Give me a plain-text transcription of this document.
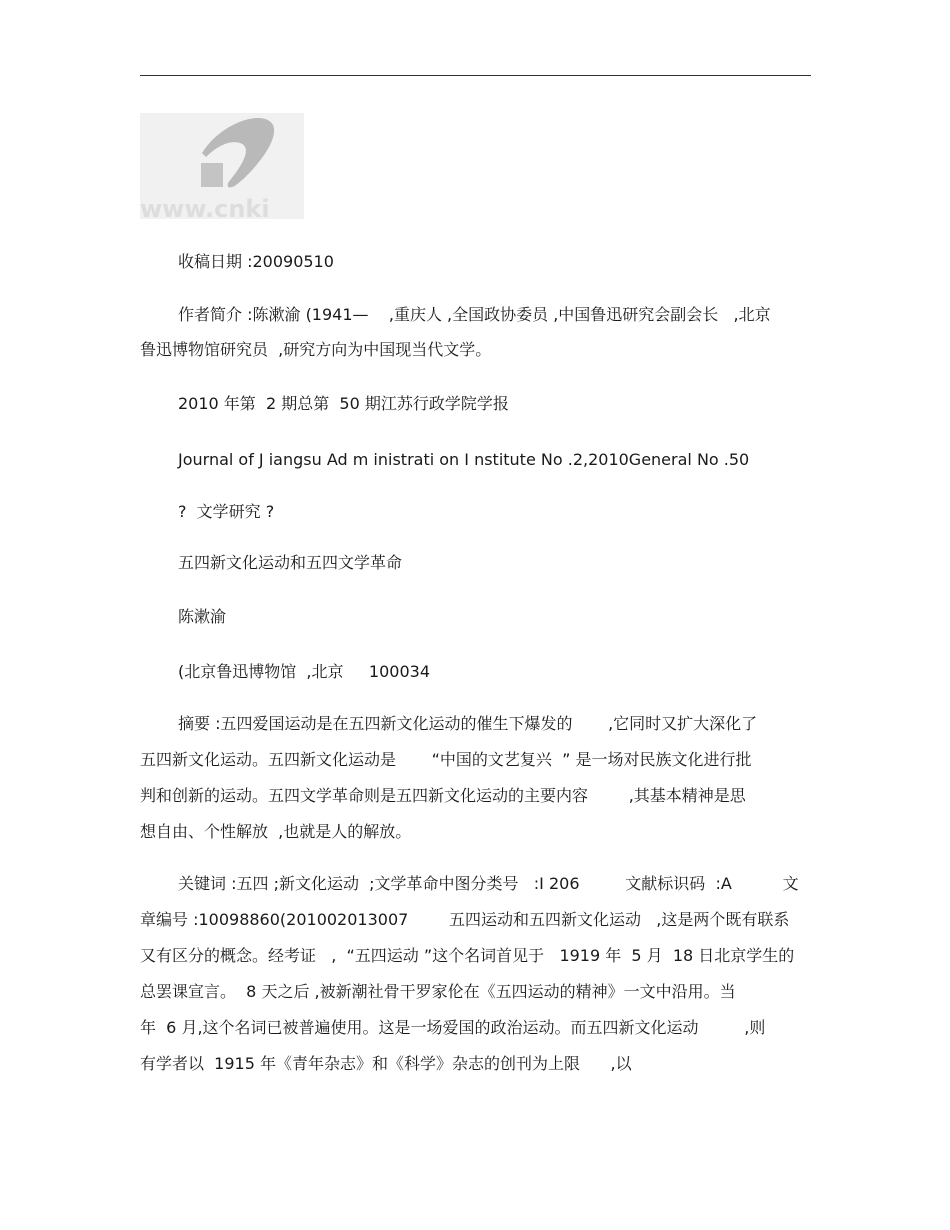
www.cnki
收稿日期 :20090510
作者简介 :陈漱渝 (1941—    ,重庆人 ,全国政协委员 ,中国鲁迅研究会副会长   ,北京
鲁迅博物馆研究员  ,研究方向为中国现当代文学。
2010 年第  2 期总第  50 期江苏行政学院学报
Journal of J iangsu Ad m inistrati on I nstitute No .2,2010General No .50
?  文学研究 ?
五四新文化运动和五四文学革命
陈漱渝
(北京鲁迅博物馆  ,北京     100034
摘要 :五四爱国运动是在五四新文化运动的催生下爆发的       ,它同时又扩大深化了
五四新文化运动。五四新文化运动是       “中国的文艺复兴  ” 是一场对民族文化进行批
判和创新的运动。五四文学革命则是五四新文化运动的主要内容        ,其基本精神是思
想自由、个性解放  ,也就是人的解放。
关键词 :五四 ;新文化运动  ;文学革命中图分类号   :I 206         文献标识码  :A          文
章编号 :10098860(201002013007        五四运动和五四新文化运动   ,这是两个既有联系
又有区分的概念。经考证   ,  “五四运动 ”这个名词首见于   1919 年  5 月  18 日北京学生的
总罢课宣言。  8 天之后 ,被新潮社骨干罗家伦在《五四运动的精神》一文中沿用。当
年  6 月,这个名词已被普遍使用。这是一场爱国的政治运动。而五四新文化运动         ,则
有学者以  1915 年《青年杂志》和《科学》杂志的创刊为上限      ,以
